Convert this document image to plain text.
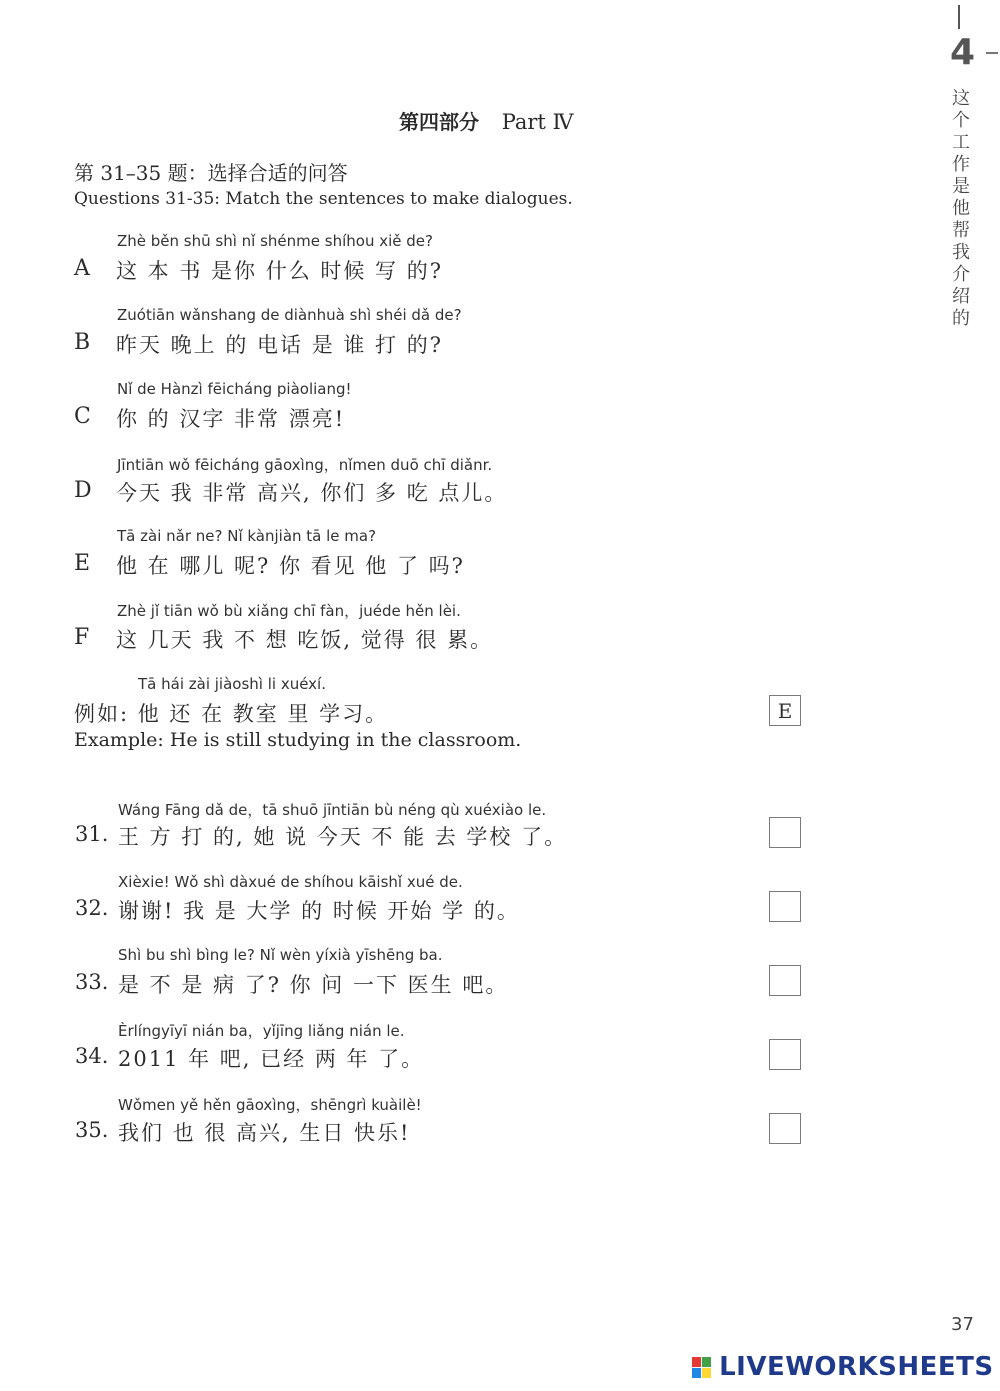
4
这
个
工
作
是
他
帮
我
介
绍
的
第四部分 Part Ⅳ
第 31–35 题：选择合适的问答
Questions 31-35: Match the sentences to make dialogues.
Zhè běn shū shì nǐ shénme shíhou xiě de?
A 这 本 书 是你 什么 时候 写 的?
Zuótiān wǎnshang de diànhuà shì shéi dǎ de?
B 昨天 晚上 的 电话 是 谁 打 的?
Nǐ de Hànzì fēicháng piàoliang!
C 你 的 汉字 非常 漂亮!
Jīntiān wǒ fēicháng gāoxìng，nǐmen duō chī diǎnr.
D 今天 我 非常 高兴, 你们 多 吃 点儿。
Tā zài nǎr ne? Nǐ kànjiàn tā le ma?
E 他 在 哪儿 呢? 你 看见 他 了 吗?
Zhè jǐ tiān wǒ bù xiǎng chī fàn，juéde hěn lèi.
F 这 几天 我 不 想 吃饭, 觉得 很 累。
Tā hái zài jiàoshì li xuéxí.
例如: 他 还 在 教室 里 学习。
Example: He is still studying in the classroom.
E
Wáng Fāng dǎ de，tā shuō jīntiān bù néng qù xuéxiào le.
31. 王 方 打 的, 她 说 今天 不 能 去 学校 了。
Xièxie! Wǒ shì dàxué de shíhou kāishǐ xué de.
32. 谢谢! 我 是 大学 的 时候 开始 学 的。
Shì bu shì bìng le? Nǐ wèn yíxià yīshēng ba.
33. 是 不 是 病 了? 你 问 一下 医生 吧。
Èrlíngyīyī nián ba，yǐjīng liǎng nián le.
34. 2011 年 吧, 已经 两 年 了。
Wǒmen yě hěn gāoxìng，shēngrì kuàilè!
35. 我们 也 很 高兴, 生日 快乐!
37
LIVEWORKSHEETS
